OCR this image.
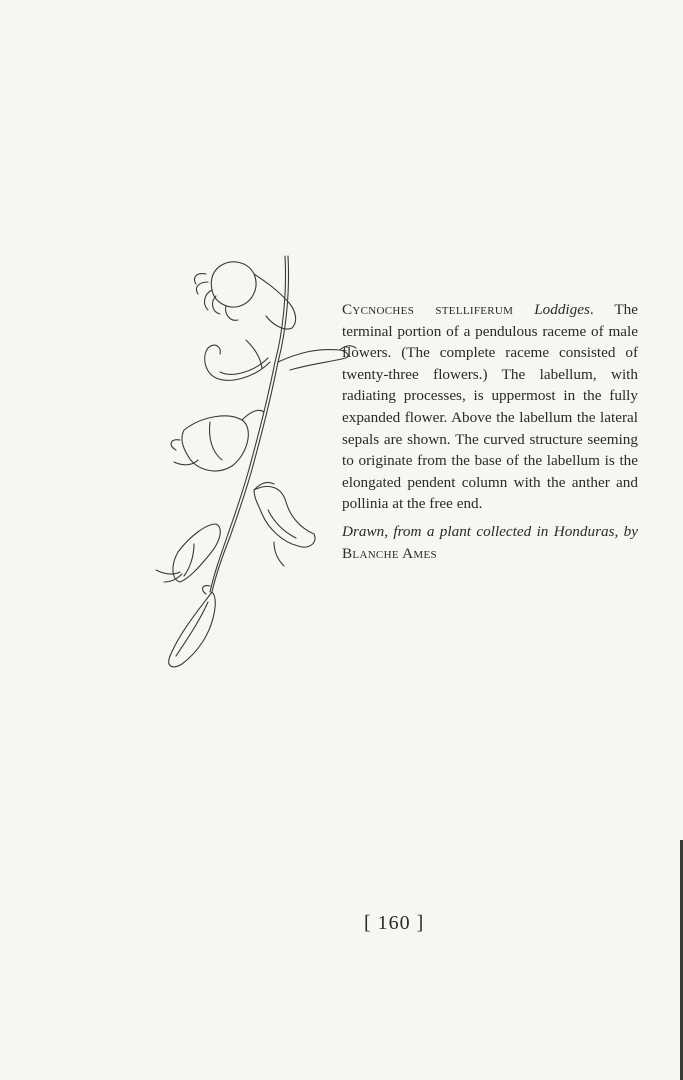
Cycnoches stelliferum Loddiges. The terminal portion of a pendulous raceme of male flowers. (The complete raceme consisted of twenty-three flowers.) The labellum, with radiating processes, is uppermost in the fully expanded flower. Above the labellum the lateral sepals are shown. The curved structure seeming to originate from the base of the labellum is the elongated pendent column with the anther and pollinia at the free end.

Drawn, from a plant collected in Honduras, by Blanche Ames

[ 160 ]
